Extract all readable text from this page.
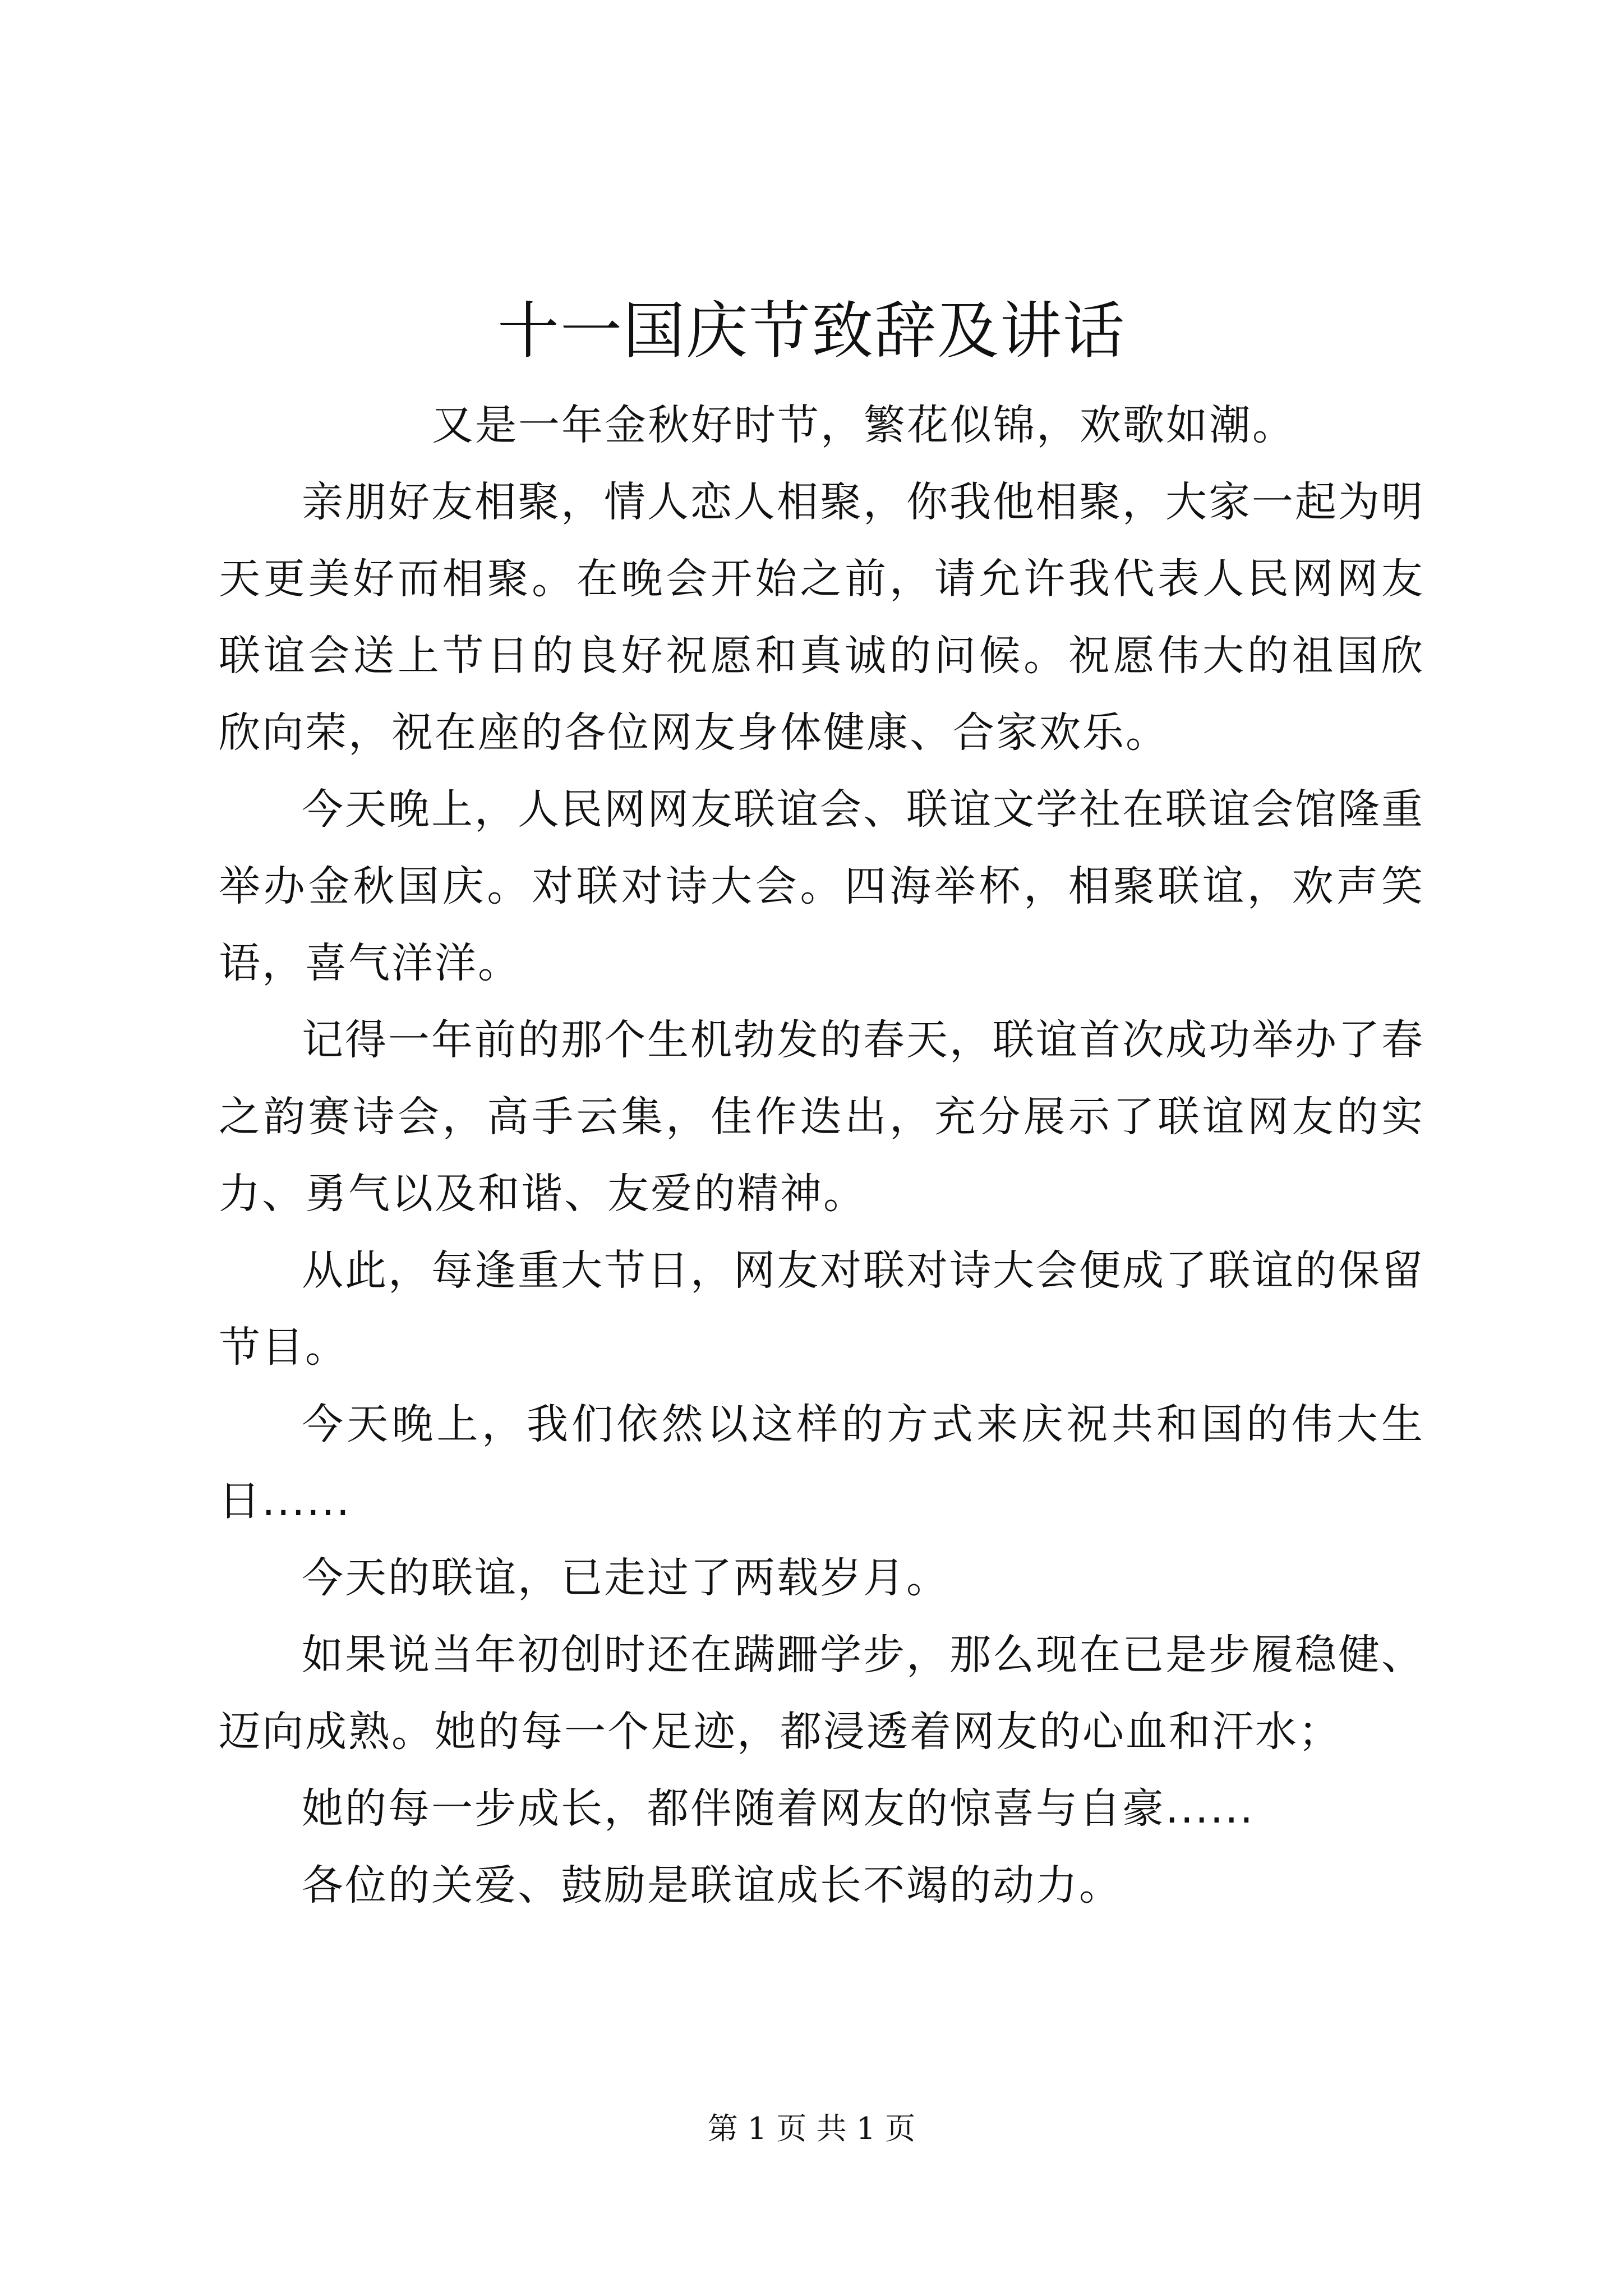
十一国庆节致辞及讲话

又是一年金秋好时节，繁花似锦，欢歌如潮。

亲朋好友相聚，情人恋人相聚，你我他相聚，大家一起为明天更美好而相聚。在晚会开始之前，请允许我代表人民网网友联谊会送上节日的良好祝愿和真诚的问候。祝愿伟大的祖国欣欣向荣，祝在座的各位网友身体健康、合家欢乐。

今天晚上，人民网网友联谊会、联谊文学社在联谊会馆隆重举办金秋国庆。对联对诗大会。四海举杯，相聚联谊，欢声笑语，喜气洋洋。

记得一年前的那个生机勃发的春天，联谊首次成功举办了春之韵赛诗会，高手云集，佳作迭出，充分展示了联谊网友的实力、勇气以及和谐、友爱的精神。

从此，每逢重大节日，网友对联对诗大会便成了联谊的保留节目。

今天晚上，我们依然以这样的方式来庆祝共和国的伟大生日......

今天的联谊，已走过了两载岁月。

如果说当年初创时还在蹒跚学步，那么现在已是步履稳健、迈向成熟。她的每一个足迹，都浸透着网友的心血和汗水；

她的每一步成长，都伴随着网友的惊喜与自豪......

各位的关爱、鼓励是联谊成长不竭的动力。

第 1 页 共 1 页
